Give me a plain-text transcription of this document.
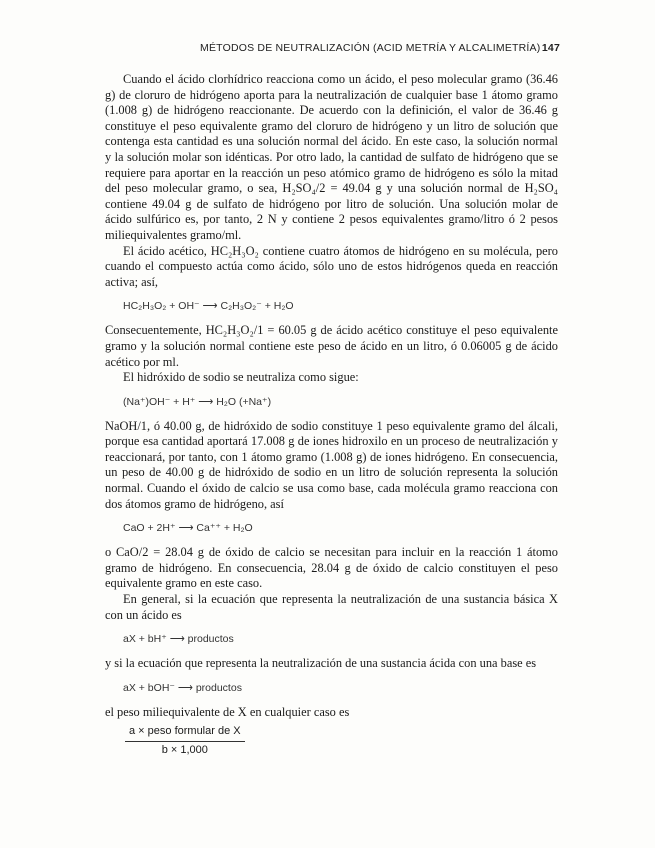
MÉTODOS DE NEUTRALIZACIÓN (ACID METRÍA Y ALCALIMETRÍA) 147

Cuando el ácido clorhídrico reacciona como un ácido, el peso molecular gramo (36.46 g) de cloruro de hidrógeno aporta para la neutralización de cualquier base 1 átomo gramo (1.008 g) de hidrógeno reaccionante. De acuerdo con la definición, el valor de 36.46 g constituye el peso equivalente gramo del cloruro de hidrógeno y un litro de solución que contenga esta cantidad es una solución normal del ácido. En este caso, la solución normal y la solución molar son idénticas. Por otro lado, la cantidad de sulfato de hidrógeno que se requiere para aportar en la reacción un peso atómico gramo de hidrógeno es sólo la mitad del peso molecular gramo, o sea, H₂SO₄/2 = 49.04 g y una solución normal de H₂SO₄ contiene 49.04 g de sulfato de hidrógeno por litro de solución. Una solución molar de ácido sulfúrico es, por tanto, 2 N y contiene 2 pesos equivalentes gramo/litro ó 2 pesos miliequivalentes gramo/ml.

El ácido acético, HC₂H₃O₂ contiene cuatro átomos de hidrógeno en su molécula, pero cuando el compuesto actúa como ácido, sólo uno de estos hidrógenos queda en reacción activa; así,

HC₂H₃O₂ + OH⁻ ⟶ C₂H₃O₂⁻ + H₂O

Consecuentemente, HC₂H₃O₂/1 = 60.05 g de ácido acético constituye el peso equivalente gramo y la solución normal contiene este peso de ácido en un litro, ó 0.06005 g de ácido acético por ml.

El hidróxido de sodio se neutraliza como sigue:

(Na⁺)OH⁻ + H⁺ ⟶ H₂O (+Na⁺)

NaOH/1, ó 40.00 g, de hidróxido de sodio constituye 1 peso equivalente gramo del álcali, porque esa cantidad aportará 17.008 g de iones hidroxilo en un proceso de neutralización y reaccionará, por tanto, con 1 átomo gramo (1.008 g) de iones hidrógeno. En consecuencia, un peso de 40.00 g de hidróxido de sodio en un litro de solución representa la solución normal. Cuando el óxido de calcio se usa como base, cada molécula gramo reacciona con dos átomos gramo de hidrógeno, así

CaO + 2H⁺ ⟶ Ca⁺⁺ + H₂O

o CaO/2 = 28.04 g de óxido de calcio se necesitan para incluir en la reacción 1 átomo gramo de hidrógeno. En consecuencia, 28.04 g de óxido de calcio constituyen el peso equivalente gramo en este caso.

En general, si la ecuación que representa la neutralización de una sustancia básica X con un ácido es

aX + bH⁺ ⟶ productos

y si la ecuación que representa la neutralización de una sustancia ácida con una base es

aX + bOH⁻ ⟶ productos

el peso miliequivalente de X en cualquier caso es

$\frac{\text{a × peso formular de X}}{b \times 1,000}$
